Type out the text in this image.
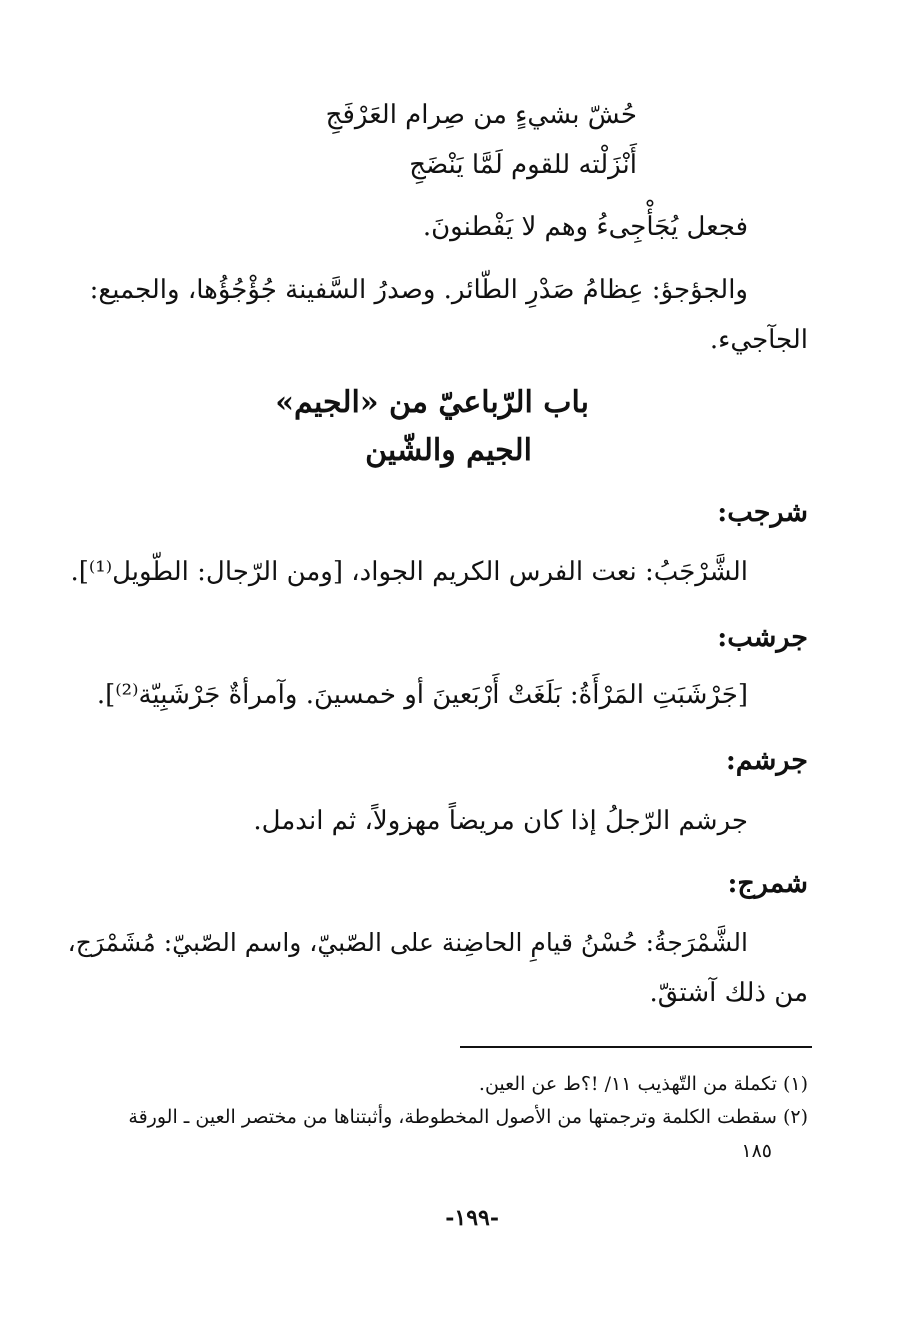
حُشّ بشيءٍ من صِرام العَرْفَجِ
أَنْزَلْته للقوم لَمَّا يَنْضَجِ
فجعل يُجَأْجِىءُ وهم لا يَفْطنونَ.
والجؤجؤ: عِظامُ صَدْرِ الطّائر. وصدرُ السَّفينة جُؤْجُؤُها، والجميع:
الجآجيء.
باب الرّباعيّ من «الجيم»
الجيم والشّين
شرجب:
الشَّرْجَبُ: نعت الفرس الكريم الجواد، [ومن الرّجال: الطّويل⁽¹⁾].
جرشب:
[جَرْشَبَتِ المَرْأَةُ: بَلَغَتْ أَرْبَعينَ أو خمسينَ. وآمرأةٌ جَرْشَبِيّة⁽²⁾].
جرشم:
جرشم الرّجلُ إذا كان مريضاً مهزولاً، ثم اندمل.
شمرج:
الشَّمْرَجةُ: حُسْنُ قيامِ الحاضِنة على الصّبيّ، واسم الصّبيّ: مُشَمْرَج،
من ذلك آشتقّ.
(١) تكملة من التّهذيب ١١/ !؟ط عن العين.
(٢) سقطت الكلمة وترجمتها من الأصول المخطوطة، وأثبتناها من مختصر العين ـ الورقة
١٨٥
-١٩٩-
